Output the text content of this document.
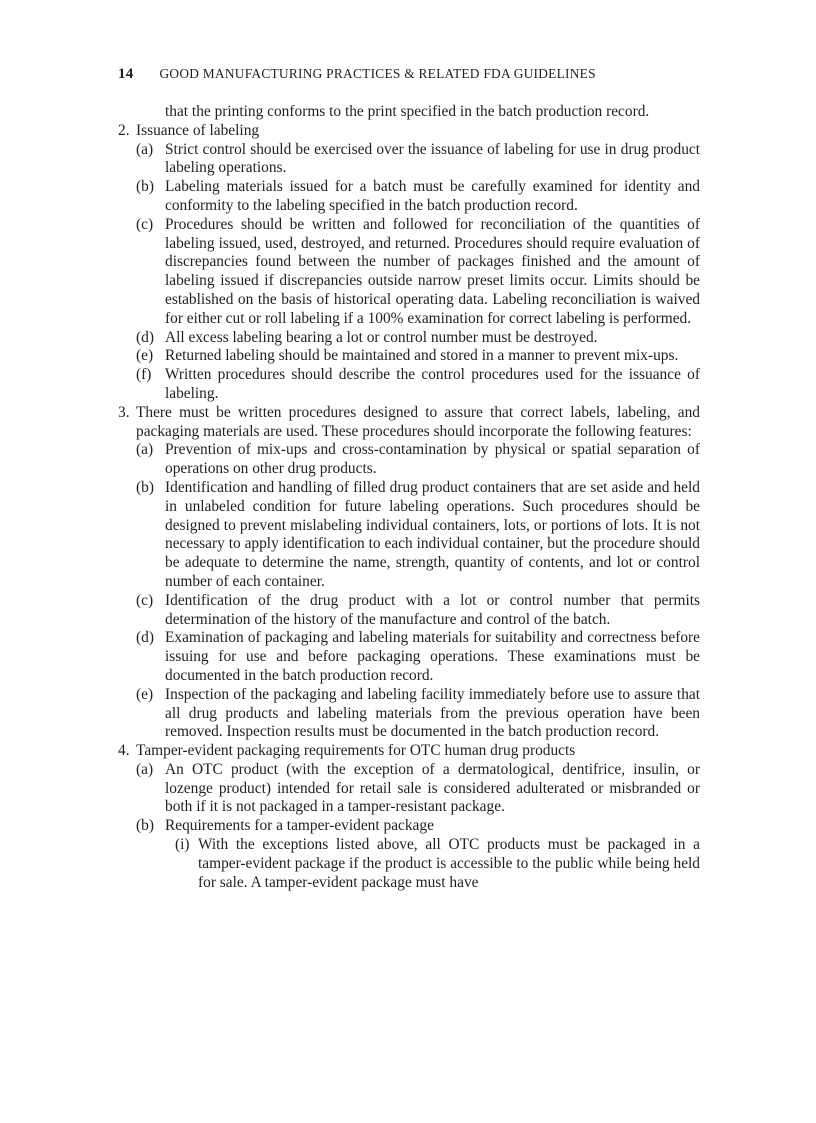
14 GOOD MANUFACTURING PRACTICES & RELATED FDA GUIDELINES
that the printing conforms to the print specified in the batch production record.
2. Issuance of labeling
(a) Strict control should be exercised over the issuance of labeling for use in drug product labeling operations.
(b) Labeling materials issued for a batch must be carefully examined for identity and conformity to the labeling specified in the batch production record.
(c) Procedures should be written and followed for reconciliation of the quantities of labeling issued, used, destroyed, and returned. Procedures should require evaluation of discrepancies found between the number of packages finished and the amount of labeling issued if discrepancies outside narrow preset limits occur. Limits should be established on the basis of historical operating data. Labeling reconciliation is waived for either cut or roll labeling if a 100% examination for correct labeling is performed.
(d) All excess labeling bearing a lot or control number must be destroyed.
(e) Returned labeling should be maintained and stored in a manner to prevent mix-ups.
(f) Written procedures should describe the control procedures used for the issuance of labeling.
3. There must be written procedures designed to assure that correct labels, labeling, and packaging materials are used. These procedures should incorporate the following features:
(a) Prevention of mix-ups and cross-contamination by physical or spatial separation of operations on other drug products.
(b) Identification and handling of filled drug product containers that are set aside and held in unlabeled condition for future labeling operations. Such procedures should be designed to prevent mislabeling individual containers, lots, or portions of lots. It is not necessary to apply identification to each individual container, but the procedure should be adequate to determine the name, strength, quantity of contents, and lot or control number of each container.
(c) Identification of the drug product with a lot or control number that permits determination of the history of the manufacture and control of the batch.
(d) Examination of packaging and labeling materials for suitability and correctness before issuing for use and before packaging operations. These examinations must be documented in the batch production record.
(e) Inspection of the packaging and labeling facility immediately before use to assure that all drug products and labeling materials from the previous operation have been removed. Inspection results must be documented in the batch production record.
4. Tamper-evident packaging requirements for OTC human drug products
(a) An OTC product (with the exception of a dermatological, dentifrice, insulin, or lozenge product) intended for retail sale is considered adulterated or misbranded or both if it is not packaged in a tamper-resistant package.
(b) Requirements for a tamper-evident package
(i) With the exceptions listed above, all OTC products must be packaged in a tamper-evident package if the product is accessible to the public while being held for sale. A tamper-evident package must have
